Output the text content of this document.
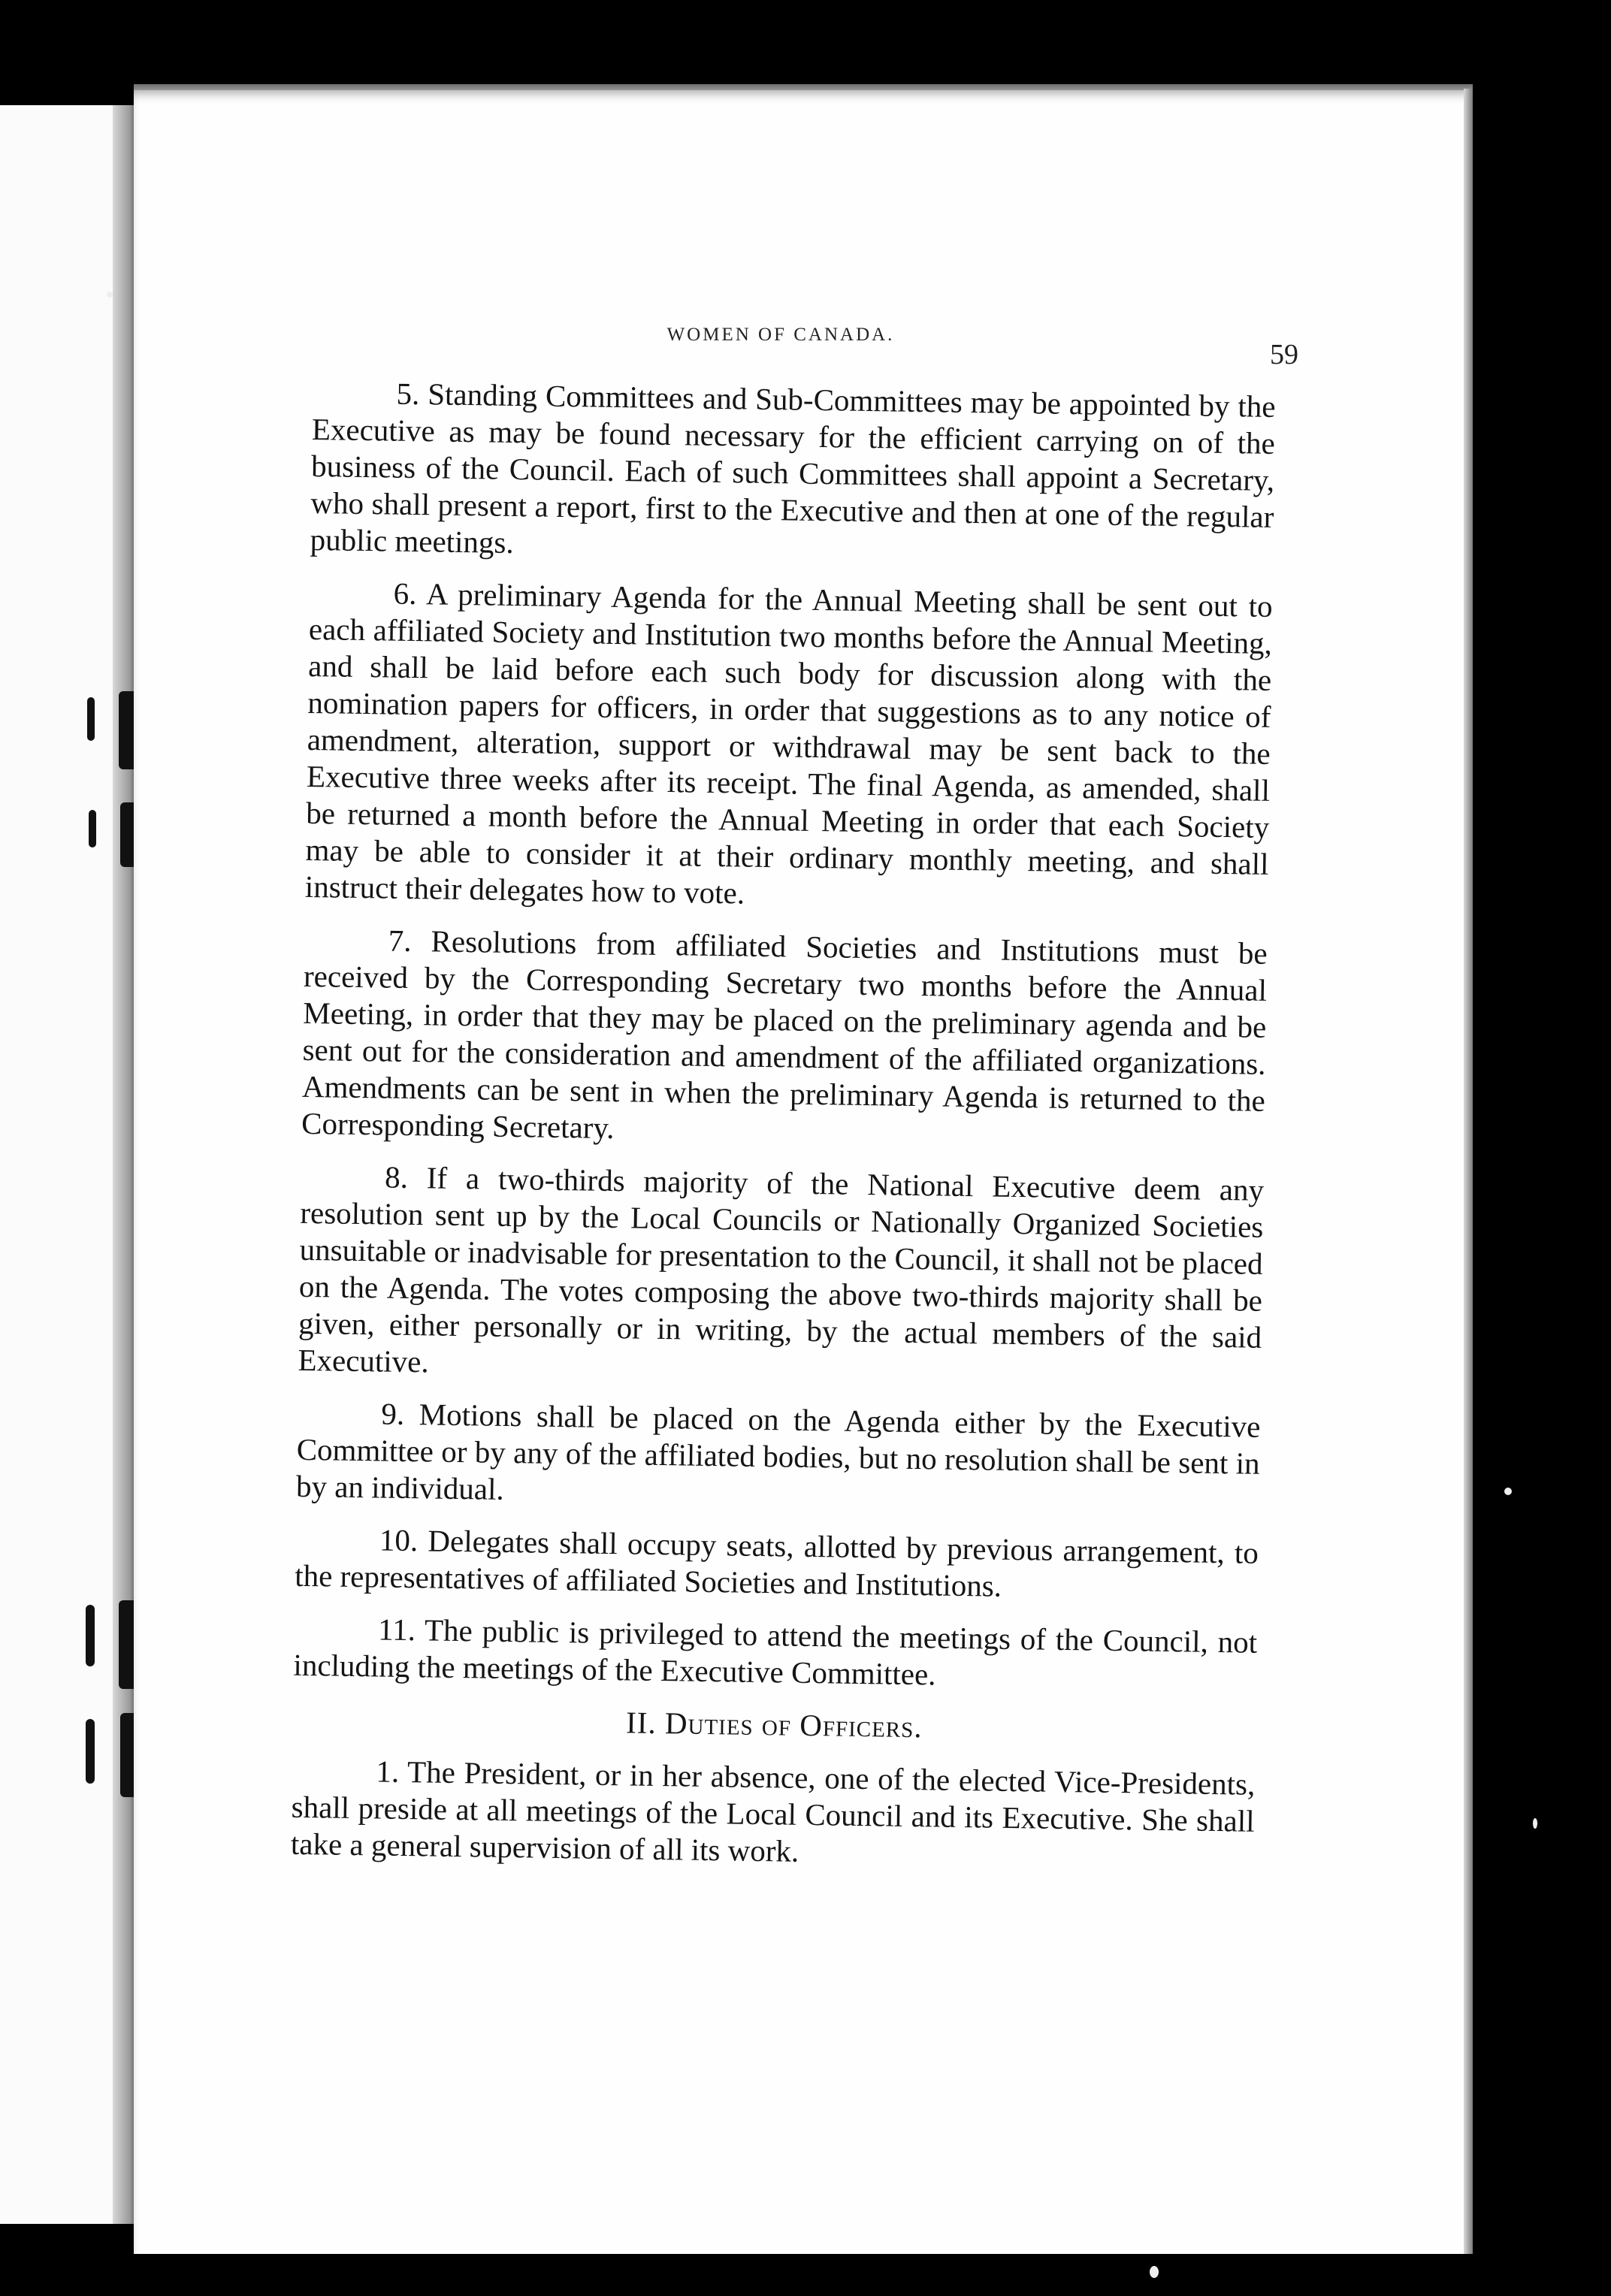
WOMEN OF CANADA.
59

5. Standing Committees and Sub-Committees may be appointed by the Executive as may be found necessary for the efficient carrying on of the business of the Council. Each of such Committees shall appoint a Secretary, who shall present a report, first to the Executive and then at one of the regular public meetings.

6. A preliminary Agenda for the Annual Meeting shall be sent out to each affiliated Society and Institution two months before the Annual Meeting, and shall be laid before each such body for discussion along with the nomination papers for officers, in order that suggestions as to any notice of amendment, alteration, support or withdrawal may be sent back to the Executive three weeks after its receipt. The final Agenda, as amended, shall be returned a month before the Annual Meeting in order that each Society may be able to consider it at their ordinary monthly meeting, and shall instruct their delegates how to vote.

7. Resolutions from affiliated Societies and Institutions must be received by the Corresponding Secretary two months before the Annual Meeting, in order that they may be placed on the preliminary agenda and be sent out for the consideration and amendment of the affiliated organizations. Amendments can be sent in when the preliminary Agenda is returned to the Corresponding Secretary.

8. If a two-thirds majority of the National Executive deem any resolution sent up by the Local Councils or Nationally Organized Societies unsuitable or inadvisable for presentation to the Council, it shall not be placed on the Agenda. The votes composing the above two-thirds majority shall be given, either personally or in writing, by the actual members of the said Executive.

9. Motions shall be placed on the Agenda either by the Executive Committee or by any of the affiliated bodies, but no resolution shall be sent in by an individual.

10. Delegates shall occupy seats, allotted by previous arrangement, to the representatives of affiliated Societies and Institutions.

11. The public is privileged to attend the meetings of the Council, not including the meetings of the Executive Committee.

II. Duties of Officers.

1. The President, or in her absence, one of the elected Vice-Presidents, shall preside at all meetings of the Local Council and its Executive. She shall take a general supervision of all its work.
